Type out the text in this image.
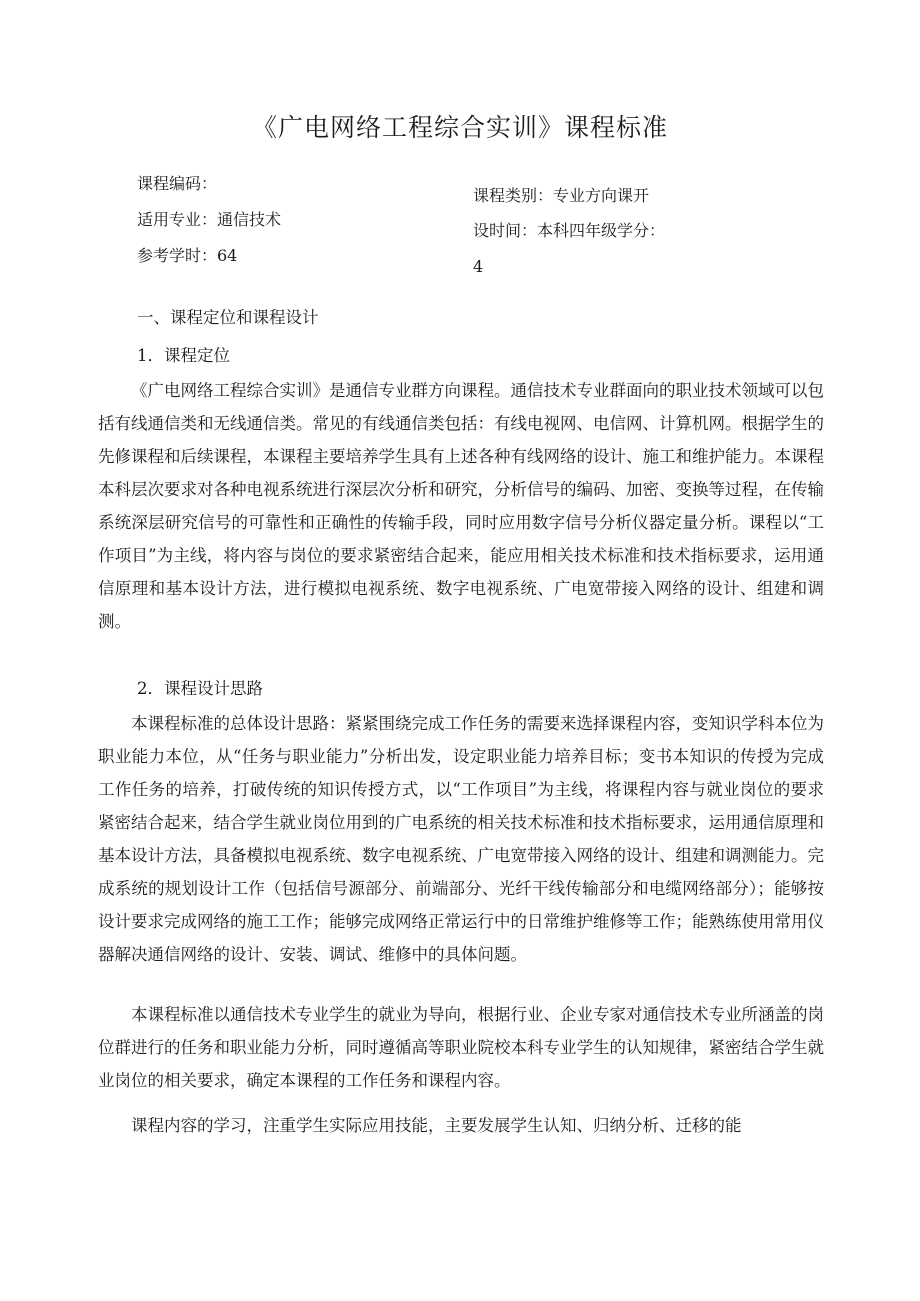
《广电网络工程综合实训》课程标准
课程编码：
适用专业：通信技术
参考学时：64
课程类别：专业方向课开
设时间：本科四年级学分：
4
一、课程定位和课程设计
1．课程定位
《广电网络工程综合实训》是通信专业群方向课程。通信技术专业群面向的职业技术领域可以包括有线通信类和无线通信类。常见的有线通信类包括：有线电视网、电信网、计算机网。根据学生的先修课程和后续课程，本课程主要培养学生具有上述各种有线网络的设计、施工和维护能力。本课程本科层次要求对各种电视系统进行深层次分析和研究，分析信号的编码、加密、变换等过程，在传输系统深层研究信号的可靠性和正确性的传输手段，同时应用数字信号分析仪器定量分析。课程以“工作项目”为主线，将内容与岗位的要求紧密结合起来，能应用相关技术标准和技术指标要求，运用通信原理和基本设计方法，进行模拟电视系统、数字电视系统、广电宽带接入网络的设计、组建和调测。
2．课程设计思路
本课程标准的总体设计思路：紧紧围绕完成工作任务的需要来选择课程内容，变知识学科本位为职业能力本位，从“任务与职业能力”分析出发，设定职业能力培养目标；变书本知识的传授为完成工作任务的培养，打破传统的知识传授方式，以“工作项目”为主线，将课程内容与就业岗位的要求紧密结合起来，结合学生就业岗位用到的广电系统的相关技术标准和技术指标要求，运用通信原理和基本设计方法，具备模拟电视系统、数字电视系统、广电宽带接入网络的设计、组建和调测能力。完成系统的规划设计工作（包括信号源部分、前端部分、光纤干线传输部分和电缆网络部分）；能够按设计要求完成网络的施工工作；能够完成网络正常运行中的日常维护维修等工作；能熟练使用常用仪器解决通信网络的设计、安装、调试、维修中的具体问题。
本课程标准以通信技术专业学生的就业为导向，根据行业、企业专家对通信技术专业所涵盖的岗位群进行的任务和职业能力分析，同时遵循高等职业院校本科专业学生的认知规律，紧密结合学生就业岗位的相关要求，确定本课程的工作任务和课程内容。
课程内容的学习，注重学生实际应用技能，主要发展学生认知、归纳分析、迁移的能
